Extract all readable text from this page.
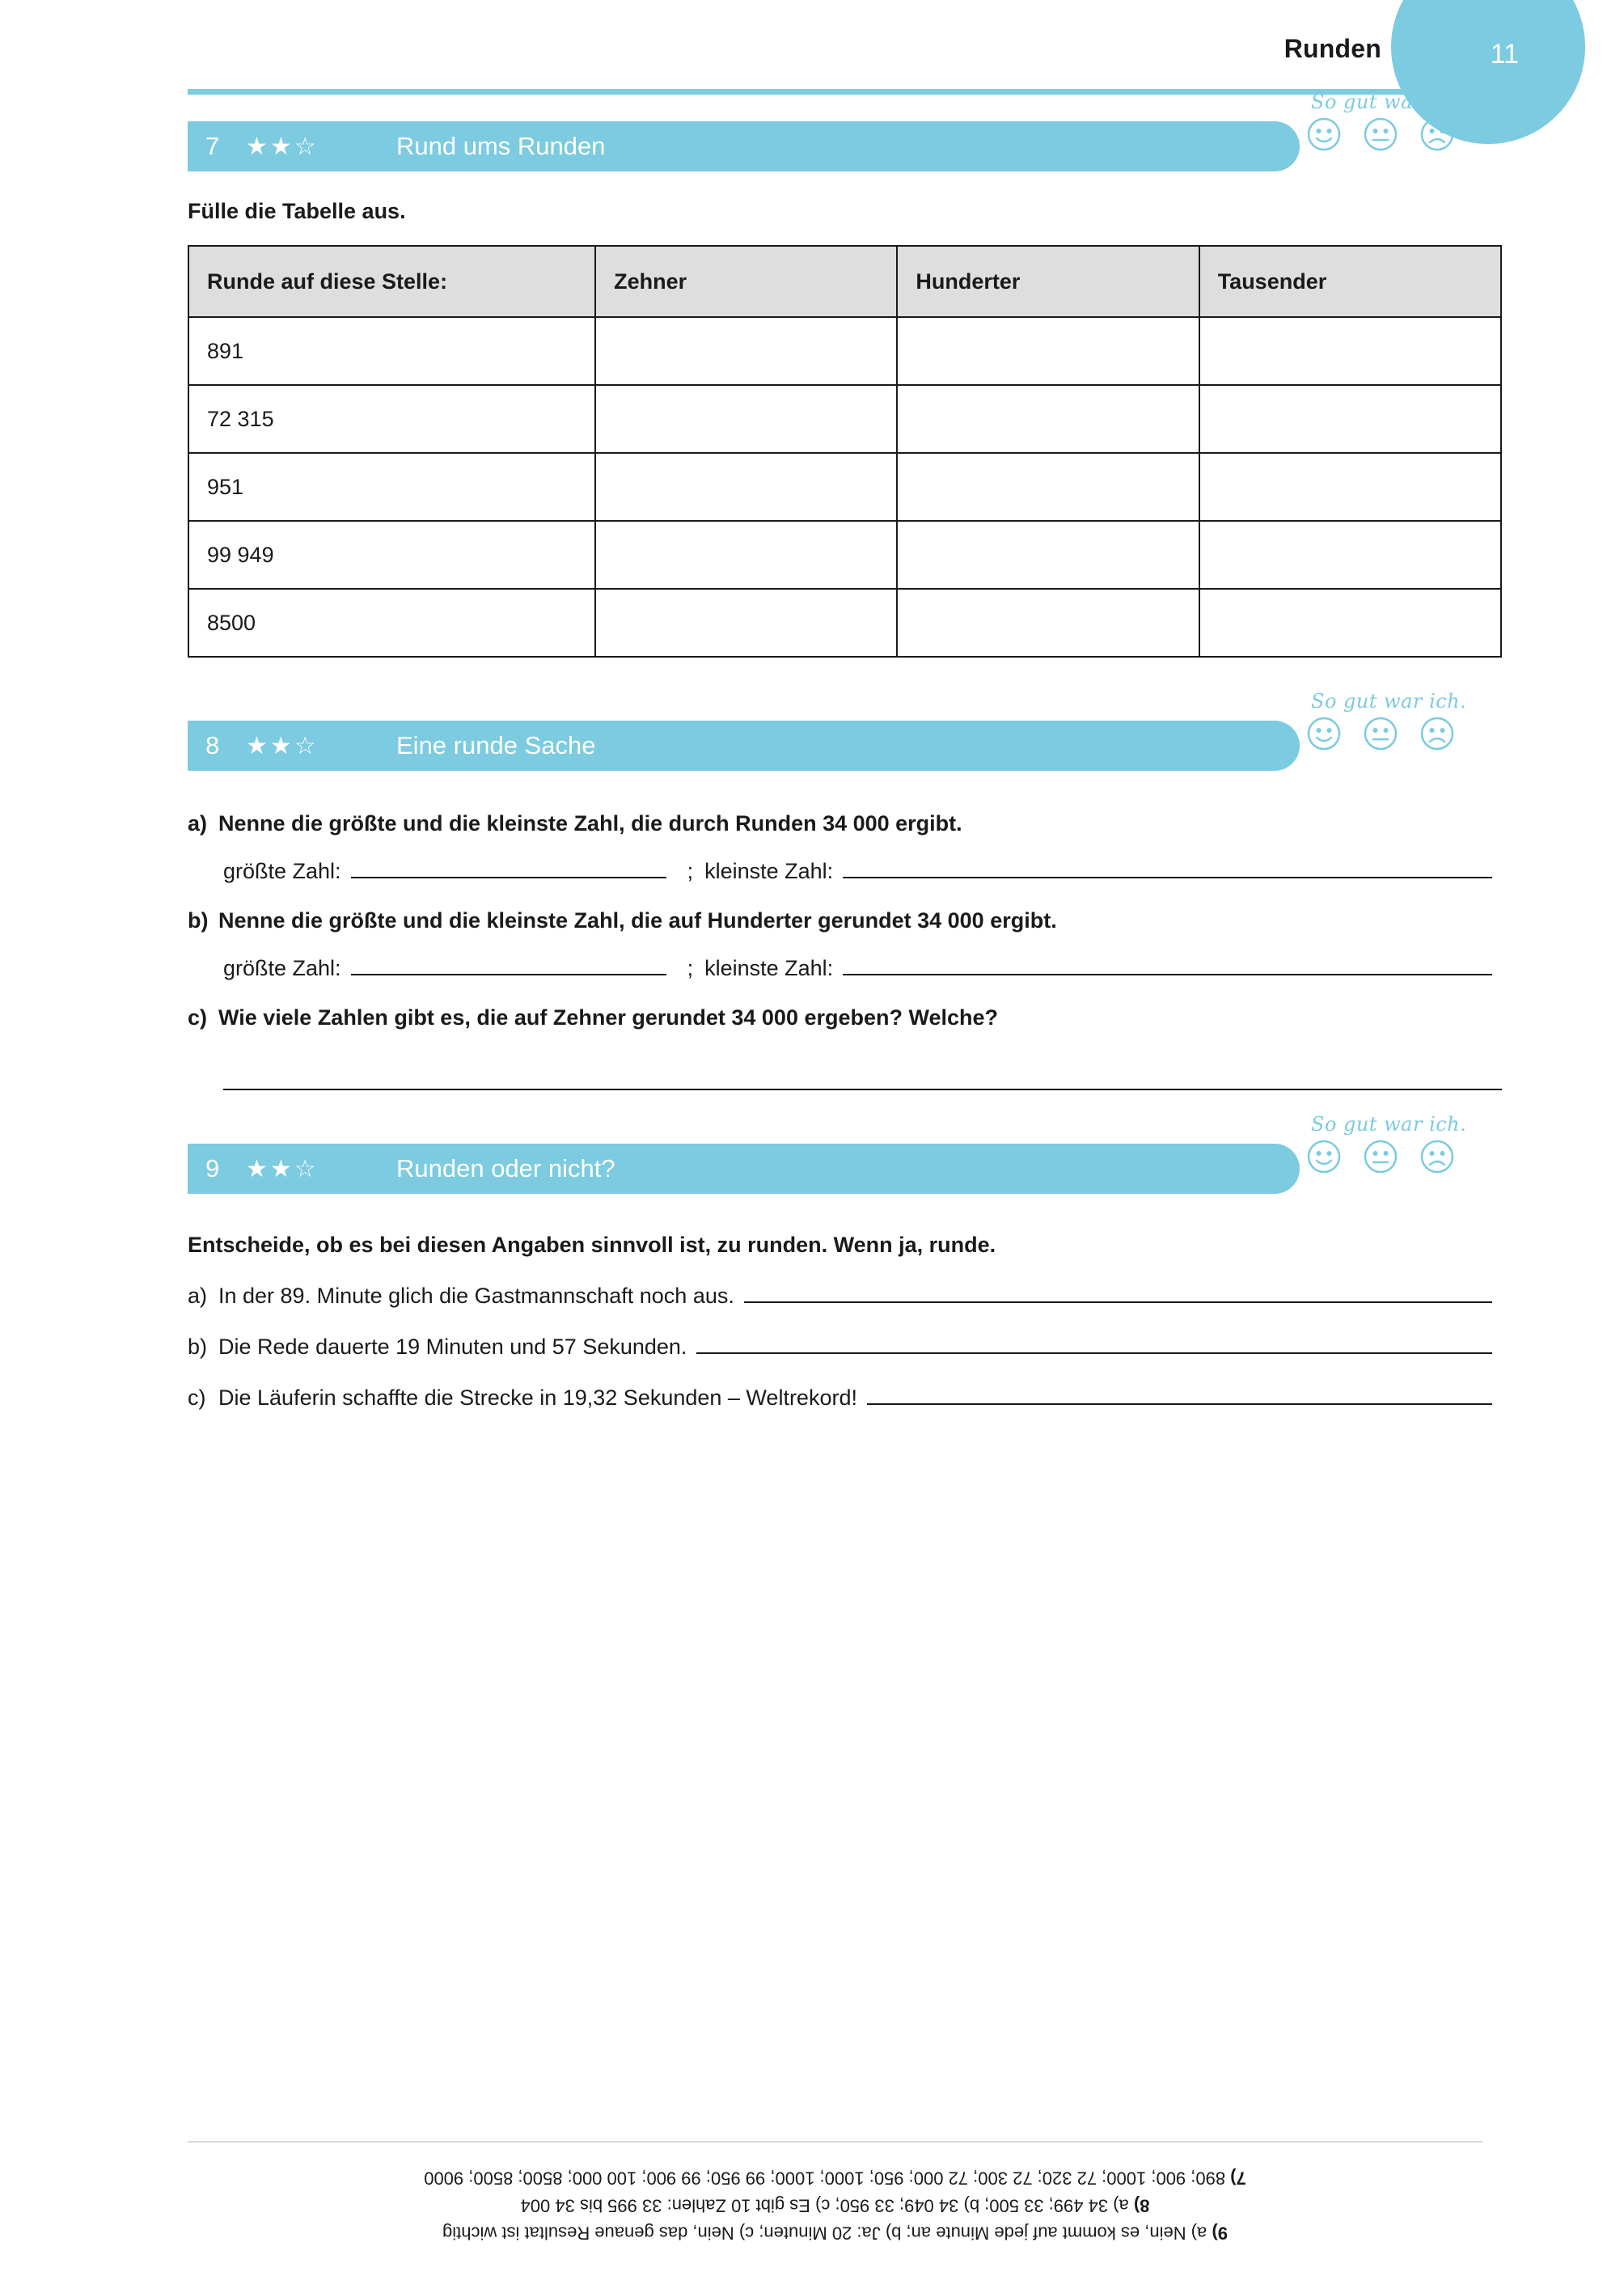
Runden	11
7	★★☆	Rund ums Runden
So gut war ich.
Fülle die Tabelle aus.
Runde auf diese Stelle:	Zehner	Hunderter	Tausender
891			
72 315			
951			
99 949			
8500			
8	★★☆	Eine runde Sache
So gut war ich.
a) Nenne die größte und die kleinste Zahl, die durch Runden 34 000 ergibt.
größte Zahl:	; kleinste Zahl:
b) Nenne die größte und die kleinste Zahl, die auf Hunderter gerundet 34 000 ergibt.
größte Zahl:	; kleinste Zahl:
c) Wie viele Zahlen gibt es, die auf Zehner gerundet 34 000 ergeben? Welche?
9	★★☆	Runden oder nicht?
So gut war ich.
Entscheide, ob es bei diesen Angaben sinnvoll ist, zu runden. Wenn ja, runde.
a) In der 89. Minute glich die Gastmannschaft noch aus.
b) Die Rede dauerte 19 Minuten und 57 Sekunden.
c) Die Läuferin schaffte die Strecke in 19,32 Sekunden – Weltrekord!
9) a) Nein, es kommt auf jede Minute an; b) Ja: 20 Minuten; c) Nein, das genaue Resultat ist wichtig
8) a) 34 499; 33 500; b) 34 049; 33 950; c) Es gibt 10 Zahlen: 33 995 bis 34 004
7) 890; 900; 1000; 72 320; 72 300; 72 000; 950; 1000; 1000; 99 950; 99 900; 100 000; 8500; 8500; 9000
